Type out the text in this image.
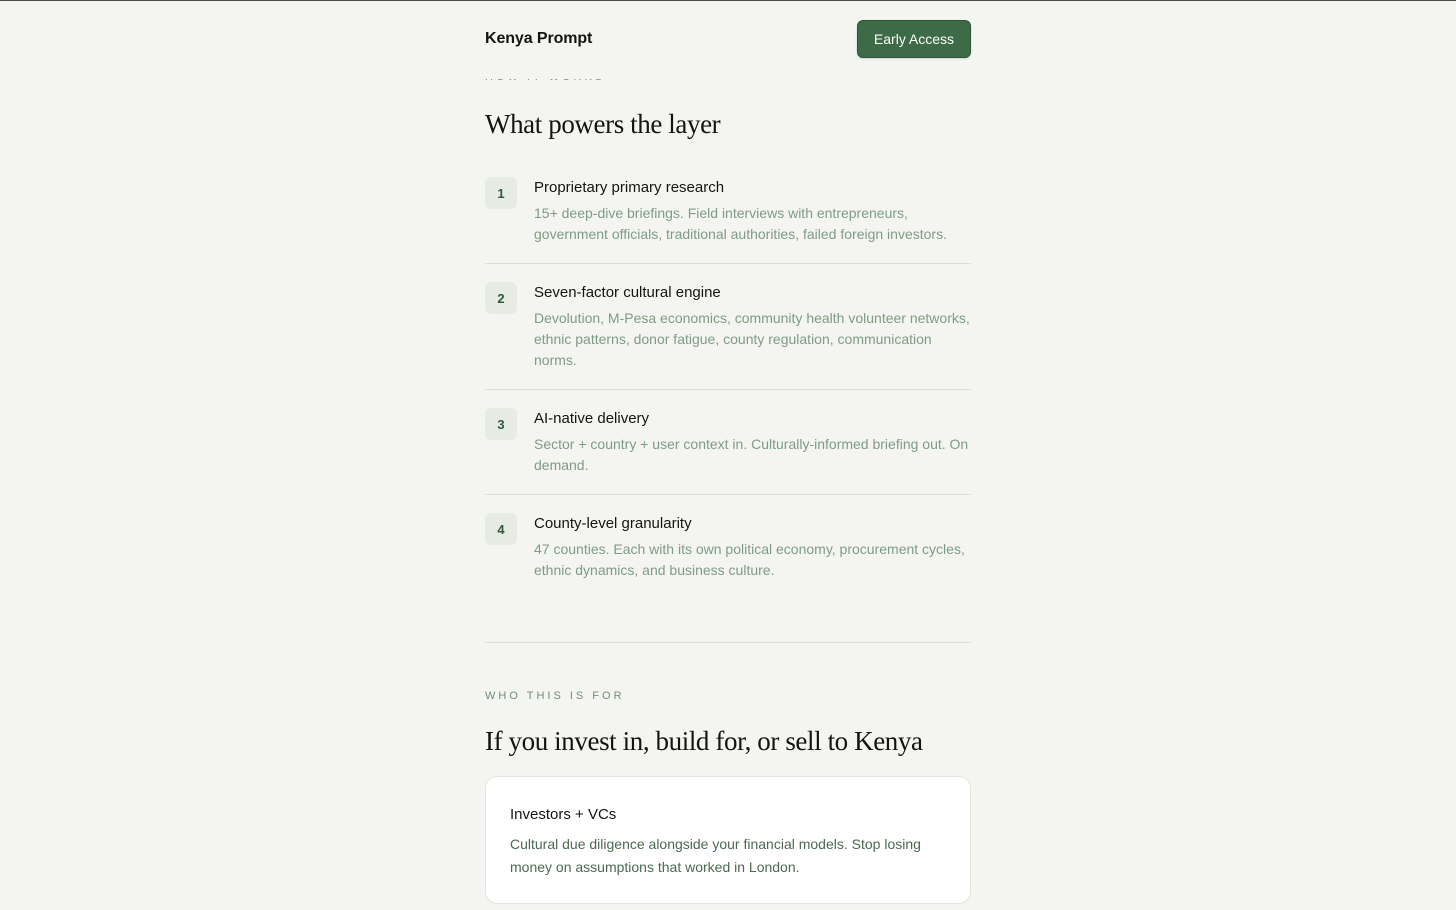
Kenya Prompt	Early Access
What powers the layer
1	Proprietary primary research
15+ deep-dive briefings. Field interviews with entrepreneurs, government officials, traditional authorities, failed foreign investors.
2	Seven-factor cultural engine
Devolution, M-Pesa economics, community health volunteer networks, ethnic patterns, donor fatigue, county regulation, communication norms.
3	AI-native delivery
Sector + country + user context in. Culturally-informed briefing out. On demand.
4	County-level granularity
47 counties. Each with its own political economy, procurement cycles, ethnic dynamics, and business culture.
WHO THIS IS FOR
If you invest in, build for, or sell to Kenya
Investors + VCs
Cultural due diligence alongside your financial models. Stop losing money on assumptions that worked in London.
